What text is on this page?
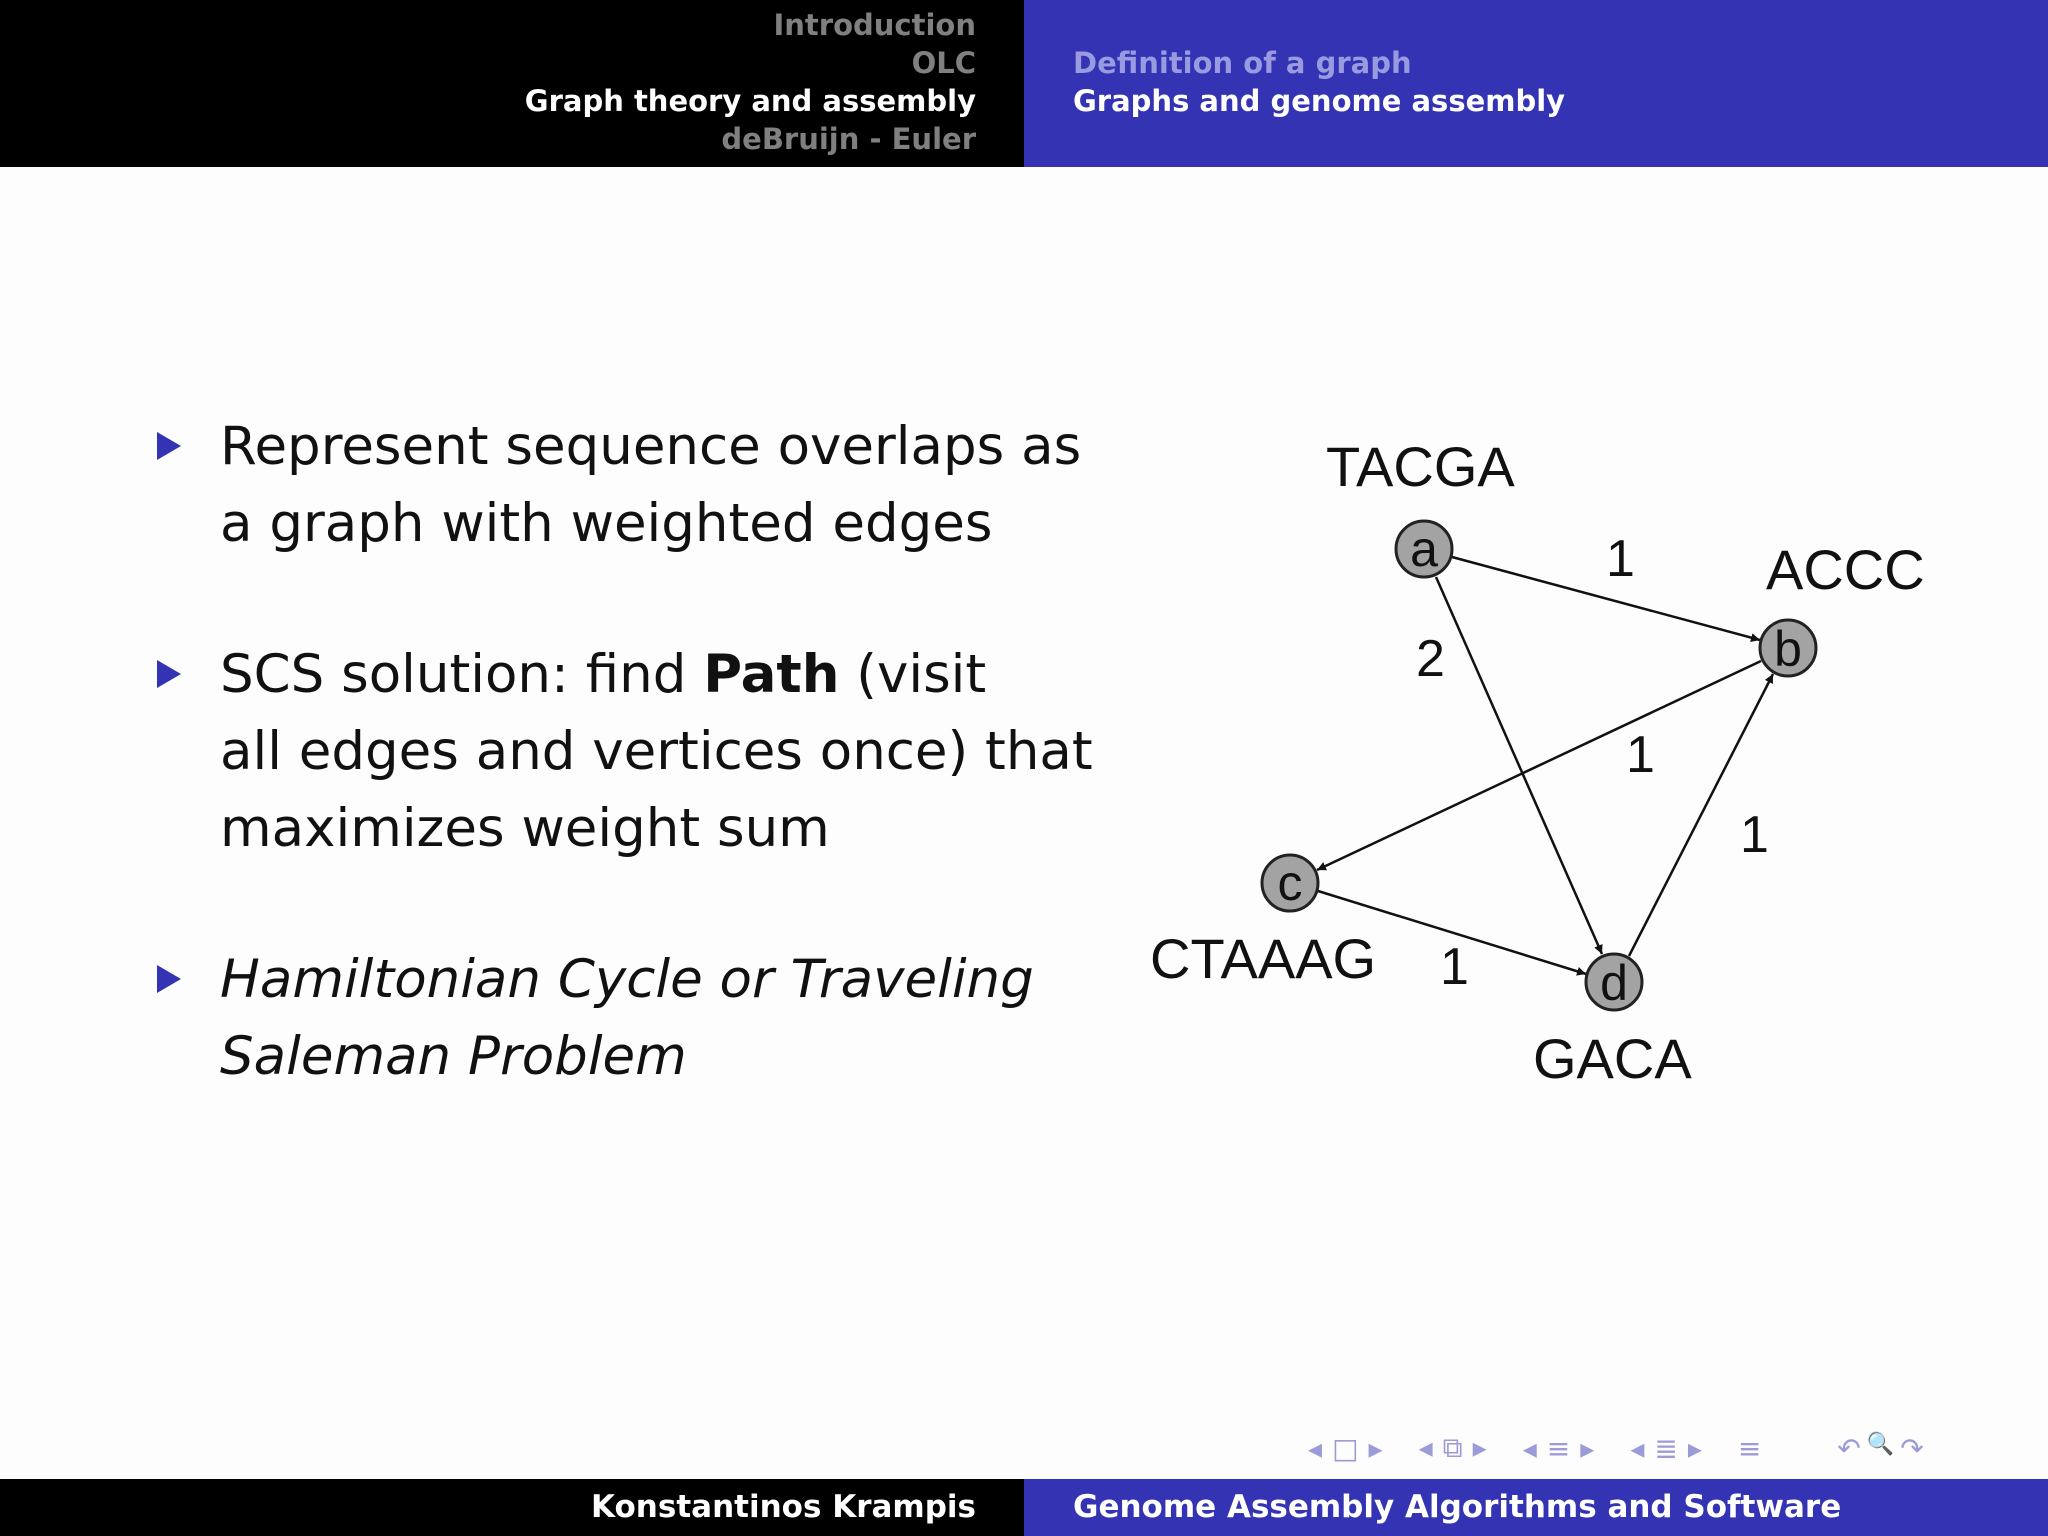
Introduction
OLC
Graph theory and assembly
deBruijn - Euler
Definition of a graph
Graphs and genome assembly
Represent sequence overlaps as
a graph with weighted edges
SCS solution: find Path (visit
all edges and vertices once) that
maximizes weight sum
Hamiltonian Cycle or Traveling
Saleman Problem
1
2
1
1
1
a
b
c
d
TACGA
ACCC
CTAAAG
GACA
◂ □ ▸ ◂ ⧉ ▸ ◂ ≡ ▸ ◂ ≣ ▸ ≡	↶ 🔍 ↷
Konstantinos Krampis	Genome Assembly Algorithms and Software
